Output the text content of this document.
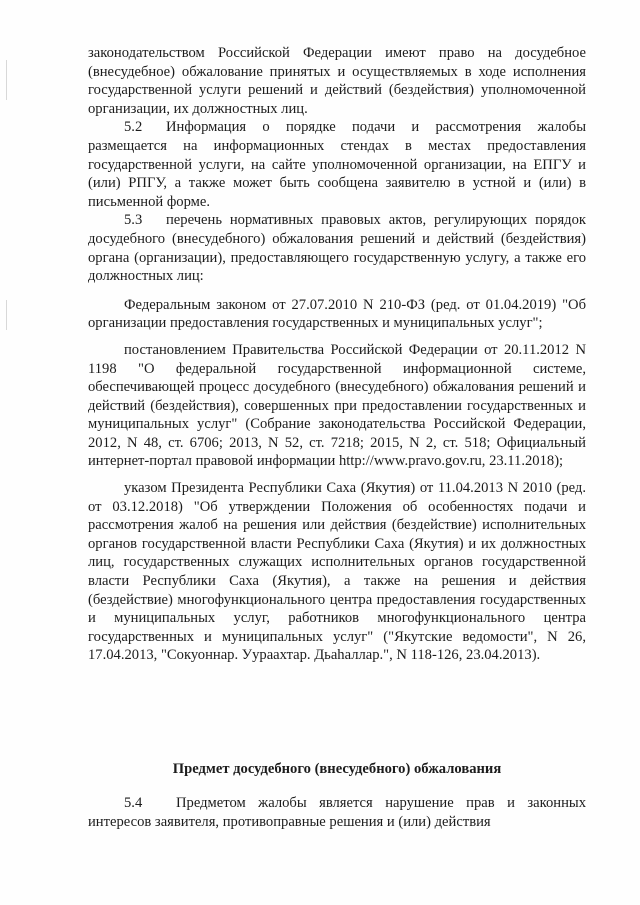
законодательством Российской Федерации имеют право на досудебное (внесудебное) обжалование принятых и осуществляемых в ходе исполнения государственной услуги решений и действий (бездействия) уполномоченной организации, их должностных лиц.

5.2 Информация о порядке подачи и рассмотрения жалобы размещается на информационных стендах в местах предоставления государственной услуги, на сайте уполномоченной организации, на ЕПГУ и (или) РПГУ, а также может быть сообщена заявителю в устной и (или) в письменной форме.

5.3 перечень нормативных правовых актов, регулирующих порядок досудебного (внесудебного) обжалования решений и действий (бездействия) органа (организации), предоставляющего государственную услугу, а также его должностных лиц:

Федеральным законом от 27.07.2010 N 210-ФЗ (ред. от 01.04.2019) "Об организации предоставления государственных и муниципальных услуг";

постановлением Правительства Российской Федерации от 20.11.2012 N 1198 "О федеральной государственной информационной системе, обеспечивающей процесс досудебного (внесудебного) обжалования решений и действий (бездействия), совершенных при предоставлении государственных и муниципальных услуг" (Собрание законодательства Российской Федерации, 2012, N 48, ст. 6706; 2013, N 52, ст. 7218; 2015, N 2, ст. 518; Официальный интернет-портал правовой информации http://www.pravo.gov.ru, 23.11.2018);

указом Президента Республики Саха (Якутия) от 11.04.2013 N 2010 (ред. от 03.12.2018) "Об утверждении Положения об особенностях подачи и рассмотрения жалоб на решения или действия (бездействие) исполнительных органов государственной власти Республики Саха (Якутия) и их должностных лиц, государственных служащих исполнительных органов государственной власти Республики Саха (Якутия), а также на решения и действия (бездействие) многофункционального центра предоставления государственных и муниципальных услуг, работников многофункционального центра государственных и муниципальных услуг" ("Якутские ведомости", N 26, 17.04.2013, "Сокуоннар. Уураахтар. Дьаhаллар.", N 118-126, 23.04.2013).

Предмет досудебного (внесудебного) обжалования

5.4 Предметом жалобы является нарушение прав и законных интересов заявителя, противоправные решения и (или) действия
